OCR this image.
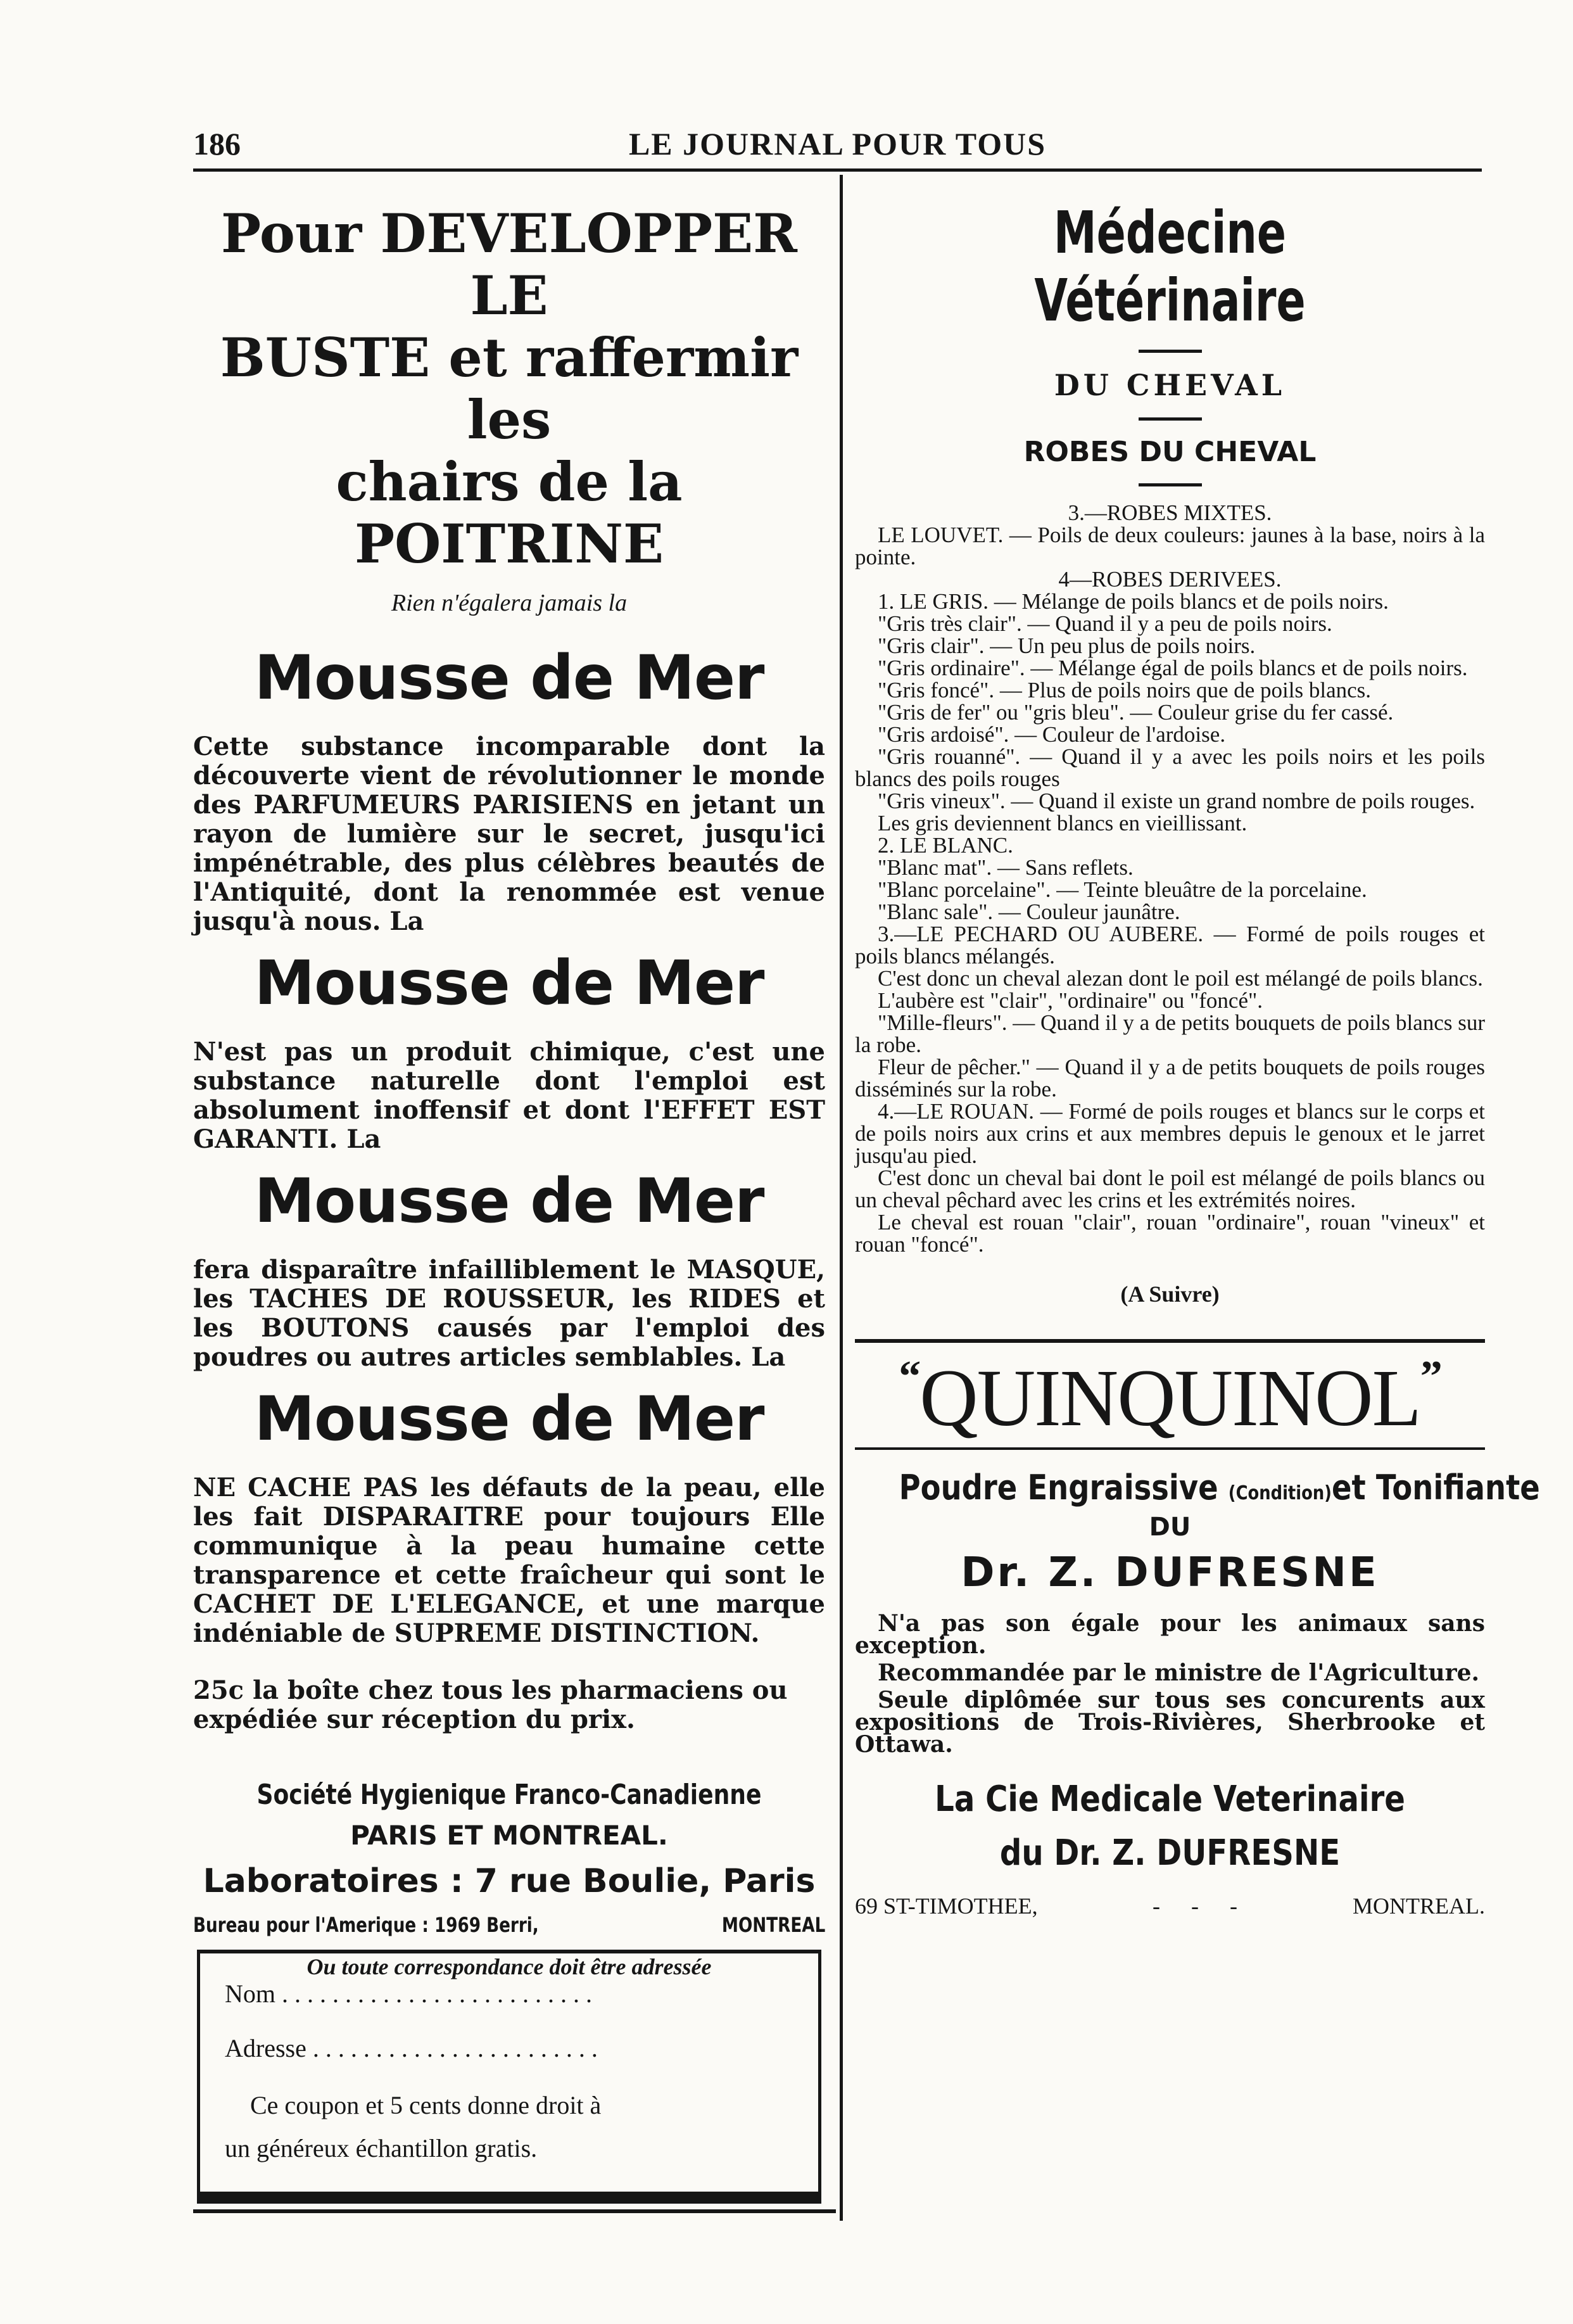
186	LE JOURNAL POUR TOUS
Pour DEVELOPPER LE
BUSTE et raffermir les
chairs de la POITRINE
Rien n'égalera jamais la
Mousse de Mer
Cette substance incomparable dont la découverte vient de révolutionner le monde des PARFUMEURS PARISIENS en jetant un rayon de lumière sur le secret, jusqu'ici impénétrable, des plus célèbres beautés de l'Antiquité, dont la renommée est venue jusqu'à nous. La
Mousse de Mer
N'est pas un produit chimique, c'est une substance naturelle dont l'emploi est absolument inoffensif et dont l'EFFET EST GARANTI. La
Mousse de Mer
fera disparaître infailliblement le MASQUE, les TACHES DE ROUSSEUR, les RIDES et les BOUTONS causés par l'emploi des poudres ou autres articles semblables. La
Mousse de Mer
NE CACHE PAS les défauts de la peau, elle les fait DISPARAITRE pour toujours Elle communique à la peau humaine cette transparence et cette fraîcheur qui sont le CACHET DE L'ELEGANCE, et une marque indéniable de SUPREME DISTINCTION.
25c la boîte chez tous les pharmaciens ou expédiée sur réception du prix.
Société Hygienique Franco-Canadienne
PARIS ET MONTREAL.
Laboratoires : 7 rue Boulie, Paris
Bureau pour l'Amerique : 1969 Berri,	MONTREAL
Ou toute correspondance doit être adressée
Nom . . . . . . . . . . . . . . . . . . . . . . . . .
Adresse . . . . . . . . . . . . . . . . . . . . . . .
Ce coupon et 5 cents donne droit à
un généreux échantillon gratis.
Médecine Vétérinaire
DU CHEVAL
ROBES DU CHEVAL

3.—ROBES MIXTES.

LE LOUVET. — Poils de deux couleurs: jaunes à la base, noirs à la pointe.

4—ROBES DERIVEES.

1. LE GRIS. — Mélange de poils blancs et de poils noirs.

"Gris très clair". — Quand il y a peu de poils noirs.

"Gris clair". — Un peu plus de poils noirs.

"Gris ordinaire". — Mélange égal de poils blancs et de poils noirs.

"Gris foncé". — Plus de poils noirs que de poils blancs.

"Gris de fer" ou "gris bleu". — Couleur grise du fer cassé.

"Gris ardoisé". — Couleur de l'ardoise.

"Gris rouanné". — Quand il y a avec les poils noirs et les poils blancs des poils rouges

"Gris vineux". — Quand il existe un grand nombre de poils rouges.

Les gris deviennent blancs en vieillissant.

2. LE BLANC.

"Blanc mat". — Sans reflets.

"Blanc porcelaine". — Teinte bleuâtre de la porcelaine.

"Blanc sale". — Couleur jaunâtre.

3.—LE PECHARD OU AUBERE. — Formé de poils rouges et poils blancs mélangés.

C'est donc un cheval alezan dont le poil est mélangé de poils blancs.

L'aubère est "clair", "ordinaire" ou "foncé".

"Mille-fleurs". — Quand il y a de petits bouquets de poils blancs sur la robe.

Fleur de pêcher." — Quand il y a de petits bouquets de poils rouges disséminés sur la robe.

4.—LE ROUAN. — Formé de poils rouges et blancs sur le corps et de poils noirs aux crins et aux membres depuis le genoux et le jarret jusqu'au pied.

C'est donc un cheval bai dont le poil est mélangé de poils blancs ou un cheval pêchard avec les crins et les extrémités noires.

Le cheval est rouan "clair", rouan "ordinaire", rouan "vineux" et rouan "foncé".

(A Suivre)
“QUINQUINOL”
Poudre Engraissive (Condition)et Tonifiante
DU
Dr. Z. DUFRESNE

N'a pas son égale pour les animaux sans exception.

Recommandée par le ministre de l'Agriculture.

Seule diplômée sur tous ses concurents aux expositions de Trois-Rivières, Sherbrooke et Ottawa.

La Cie Medicale Veterinaire
du Dr. Z. DUFRESNE
69 ST-TIMOTHEE,	- - -	MONTREAL.
